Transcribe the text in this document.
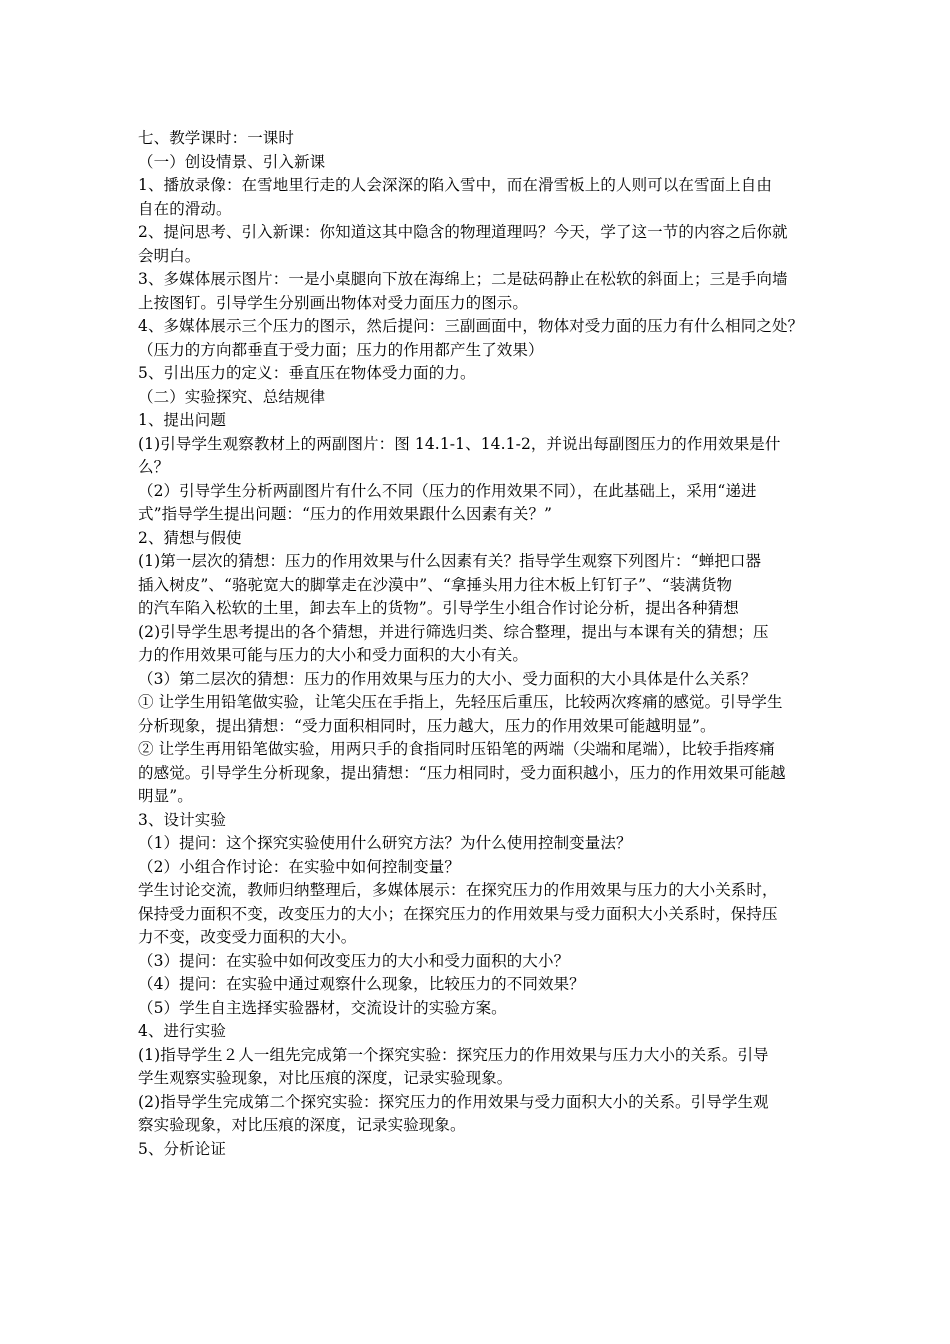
七、教学课时：一课时

（一）创设情景、引入新课

1、播放录像：在雪地里行走的人会深深的陷入雪中，而在滑雪板上的人则可以在雪面上自由

自在的滑动。

2、提问思考、引入新课：你知道这其中隐含的物理道理吗？今天，学了这一节的内容之后你就

会明白。

3、多媒体展示图片：一是小桌腿向下放在海绵上；二是砝码静止在松软的斜面上；三是手向墙

上按图钉。引导学生分别画出物体对受力面压力的图示。

4、多媒体展示三个压力的图示，然后提问：三副画面中，物体对受力面的压力有什么相同之处？

（压力的方向都垂直于受力面；压力的作用都产生了效果）

5、引出压力的定义：垂直压在物体受力面的力。

（二）实验探究、总结规律

1、提出问题

(1)引导学生观察教材上的两副图片：图 14.1-1、14.1-2，并说出每副图压力的作用效果是什

么？

（2）引导学生分析两副图片有什么不同（压力的作用效果不同），在此基础上，采用“递进

式”指导学生提出问题：“压力的作用效果跟什么因素有关？”

2、猜想与假使

(1)第一层次的猜想：压力的作用效果与什么因素有关？指导学生观察下列图片：“蝉把口器

插入树皮”、“骆驼宽大的脚掌走在沙漠中”、“拿捶头用力往木板上钉钉子”、“装满货物

的汽车陷入松软的土里，卸去车上的货物”。引导学生小组合作讨论分析，提出各种猜想

(2)引导学生思考提出的各个猜想，并进行筛选归类、综合整理，提出与本课有关的猜想；压

力的作用效果可能与压力的大小和受力面积的大小有关。

（3）第二层次的猜想：压力的作用效果与压力的大小、受力面积的大小具体是什么关系？

① 让学生用铅笔做实验，让笔尖压在手指上，先轻压后重压，比较两次疼痛的感觉。引导学生

分析现象，提出猜想：“受力面积相同时，压力越大，压力的作用效果可能越明显”。

② 让学生再用铅笔做实验，用两只手的食指同时压铅笔的两端（尖端和尾端），比较手指疼痛

的感觉。引导学生分析现象，提出猜想：“压力相同时，受力面积越小，压力的作用效果可能越

明显”。

3、设计实验

（1）提问：这个探究实验使用什么研究方法？为什么使用控制变量法？

（2）小组合作讨论：在实验中如何控制变量？

学生讨论交流，教师归纳整理后，多媒体展示：在探究压力的作用效果与压力的大小关系时，

保持受力面积不变，改变压力的大小；在探究压力的作用效果与受力面积大小关系时，保持压

力不变，改变受力面积的大小。

（3）提问：在实验中如何改变压力的大小和受力面积的大小？

（4）提问：在实验中通过观察什么现象，比较压力的不同效果？

（5）学生自主选择实验器材，交流设计的实验方案。

4、进行实验

(1)指导学生２人一组先完成第一个探究实验：探究压力的作用效果与压力大小的关系。引导

学生观察实验现象，对比压痕的深度，记录实验现象。

(2)指导学生完成第二个探究实验：探究压力的作用效果与受力面积大小的关系。引导学生观

察实验现象，对比压痕的深度，记录实验现象。

5、分析论证
